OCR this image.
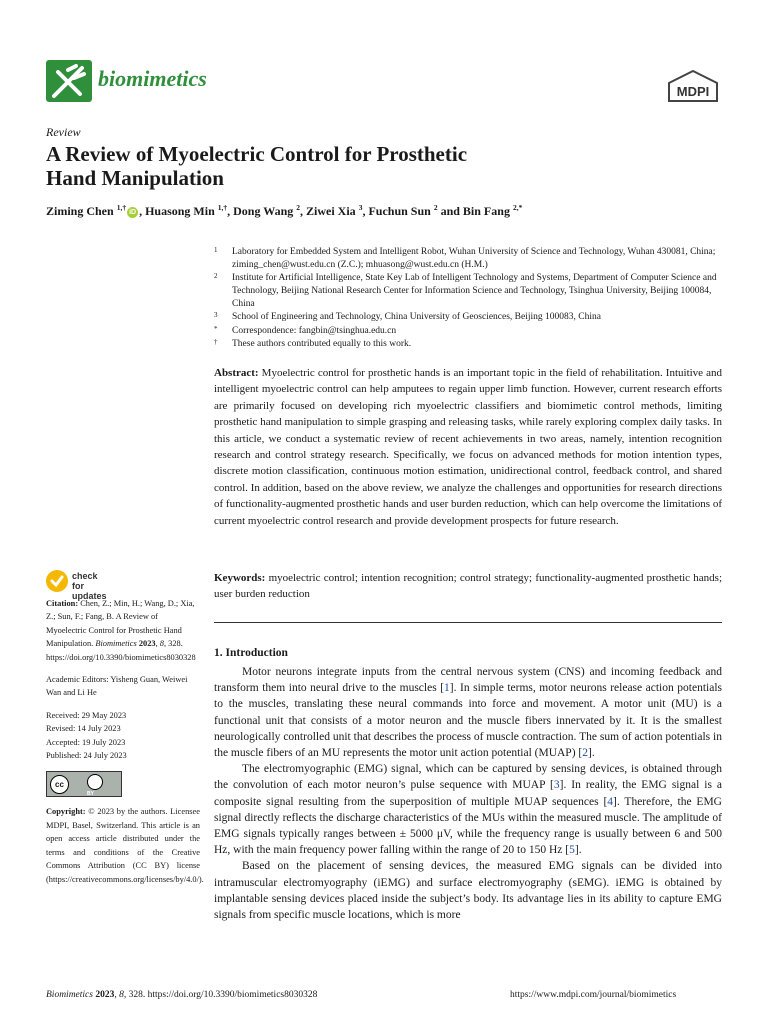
biomimetics
MDPI
Review
A Review of Myoelectric Control for Prosthetic
Hand Manipulation
Ziming Chen $^{1,\dagger}$iD , Huasong Min $^{1,\dagger}$, Dong Wang $^2$, Ziwei Xia $^3$, Fuchun Sun $^2$ and Bin Fang $^{2,*}$
1 Laboratory for Embedded System and Intelligent Robot, Wuhan University of Science and Technology, Wuhan 430081, China; ziming_chen@wust.edu.cn (Z.C.); mhuasong@wust.edu.cn (H.M.)
2 Institute for Artificial Intelligence, State Key Lab of Intelligent Technology and Systems, Department of Computer Science and Technology, Beijing National Research Center for Information Science and Technology, Tsinghua University, Beijing 100084, China
3 School of Engineering and Technology, China University of Geosciences, Beijing 100083, China
* Correspondence: fangbin@tsinghua.edu.cn
† These authors contributed equally to this work.
Abstract: Myoelectric control for prosthetic hands is an important topic in the field of rehabilitation. Intuitive and intelligent myoelectric control can help amputees to regain upper limb function. However, current research efforts are primarily focused on developing rich myoelectric classifiers and biomimetic control methods, limiting prosthetic hand manipulation to simple grasping and releasing tasks, while rarely exploring complex daily tasks. In this article, we conduct a systematic review of recent achievements in two areas, namely, intention recognition research and control strategy research. Specifically, we focus on advanced methods for motion intention types, discrete motion classification, continuous motion estimation, unidirectional control, feedback control, and shared control. In addition, based on the above review, we analyze the challenges and opportunities for research directions of functionality-augmented prosthetic hands and user burden reduction, which can help overcome the limitations of current myoelectric control research and provide development prospects for future research.
Keywords: myoelectric control; intention recognition; control strategy; functionality-augmented prosthetic hands; user burden reduction
1. Introduction

Motor neurons integrate inputs from the central nervous system (CNS) and incoming feedback and transform them into neural drive to the muscles [1]. In simple terms, motor neurons release action potentials to the muscles, translating these neural commands into force and movement. A motor unit (MU) is a functional unit that consists of a motor neuron and the muscle fibers innervated by it. It is the smallest neurologically controlled unit that describes the process of muscle contraction. The sum of action potentials in the muscle fibers of an MU represents the motor unit action potential (MUAP) [2].

The electromyographic (EMG) signal, which can be captured by sensing devices, is obtained through the convolution of each motor neuron’s pulse sequence with MUAP [3]. In reality, the EMG signal is a composite signal resulting from the superposition of multiple MUAP sequences [4]. Therefore, the EMG signal directly reflects the discharge characteristics of the MUs within the measured muscle. The amplitude of EMG signals typically ranges between ± 5000 μV, while the frequency range is usually between 6 and 500 Hz, with the main frequency power falling within the range of 20 to 150 Hz [5].

Based on the placement of sensing devices, the measured EMG signals can be divided into intramuscular electromyography (iEMG) and surface electromyography (sEMG). iEMG is obtained by implantable sensing devices placed inside the subject’s body. Its advantage lies in its ability to capture EMG signals from specific muscle locations, which is more

check for
updates
Citation: Chen, Z.; Min, H.; Wang, D.; Xia, Z.; Sun, F.; Fang, B. A Review of Myoelectric Control for Prosthetic Hand Manipulation. Biomimetics 2023, 8, 328. https://doi.org/10.3390/biomimetics8030328
Academic Editors: Yisheng Guan, Weiwei Wan and Li He
Received: 29 May 2023
Revised: 14 July 2023
Accepted: 19 July 2023
Published: 24 July 2023
cc
BY
Copyright: © 2023 by the authors. Licensee MDPI, Basel, Switzerland. This article is an open access article distributed under the terms and conditions of the Creative Commons Attribution (CC BY) license (https://creativecommons.org/licenses/by/4.0/).
Biomimetics 2023, 8, 328. https://doi.org/10.3390/biomimetics8030328	https://www.mdpi.com/journal/biomimetics
